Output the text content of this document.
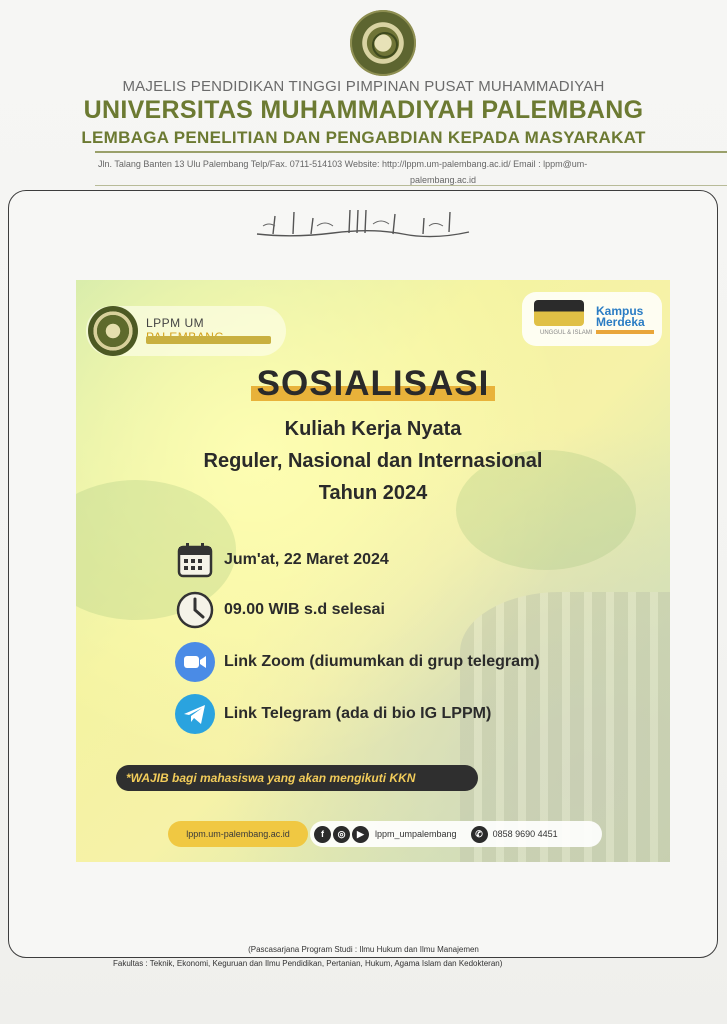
MAJELIS PENDIDIKAN TINGGI PIMPINAN PUSAT MUHAMMADIYAH
UNIVERSITAS MUHAMMADIYAH PALEMBANG
LEMBAGA PENELITIAN DAN PENGABDIAN KEPADA MASYARAKAT
Jln. Talang Banten 13 Ulu Palembang Telp/Fax. 0711-514103 Website: http://lppm.um-palembang.ac.id/ Email : lppm@um-
palembang.ac.id
بِسْمِ اللهِ الرَّحْمَنِ الرَّحِيْمِ
LPPM UM
UNGGUL & ISLAMI
Kampus
Merdeka
SOSIALISASI
Kuliah Kerja Nyata
Reguler, Nasional dan Internasional
Tahun 2024
Jum'at, 22 Maret 2024
09.00 WIB s.d selesai
Link Zoom (diumumkan di grup telegram)
Link Telegram (ada di bio IG LPPM)
*WAJIB bagi mahasiswa yang akan mengikuti KKN
lppm.um-palembang.ac.id	f	◎	▶	lppm_umpalembang	✆	0858 9690 4451
(Pascasarjana Program Studi : Ilmu Hukum dan Ilmu Manajemen
Fakultas : Teknik, Ekonomi, Keguruan dan Ilmu Pendidikan, Pertanian, Hukum, Agama Islam dan Kedokteran)
